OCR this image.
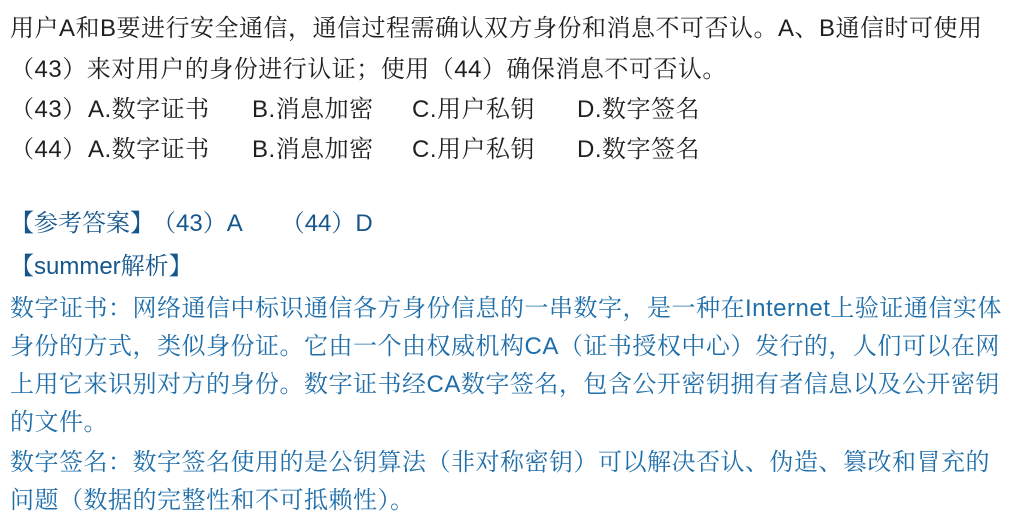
用户A和B要进行安全通信，通信过程需确认双方身份和消息不可否认。A、B通信时可使用（43）来对用户的身份进行认证；使用（44）确保消息不可否认。

（43） A.数字证书	B.消息加密	C.用户私钥	D.数字签名
（44） A.数字证书	B.消息加密	C.用户私钥	D.数字签名
【参考答案】 （43）A （44）D
【summer解析】

数字证书：网络通信中标识通信各方身份信息的一串数字，是一种在Internet上验证通信实体身份的方式，类似身份证。它由一个由权威机构CA（证书授权中心）发行的，人们可以在网上用它来识别对方的身份。数字证书经CA数字签名，包含公开密钥拥有者信息以及公开密钥的文件。

数字签名：数字签名使用的是公钥算法（非对称密钥）可以解决否认、伪造、篡改和冒充的问题（数据的完整性和不可抵赖性）。
